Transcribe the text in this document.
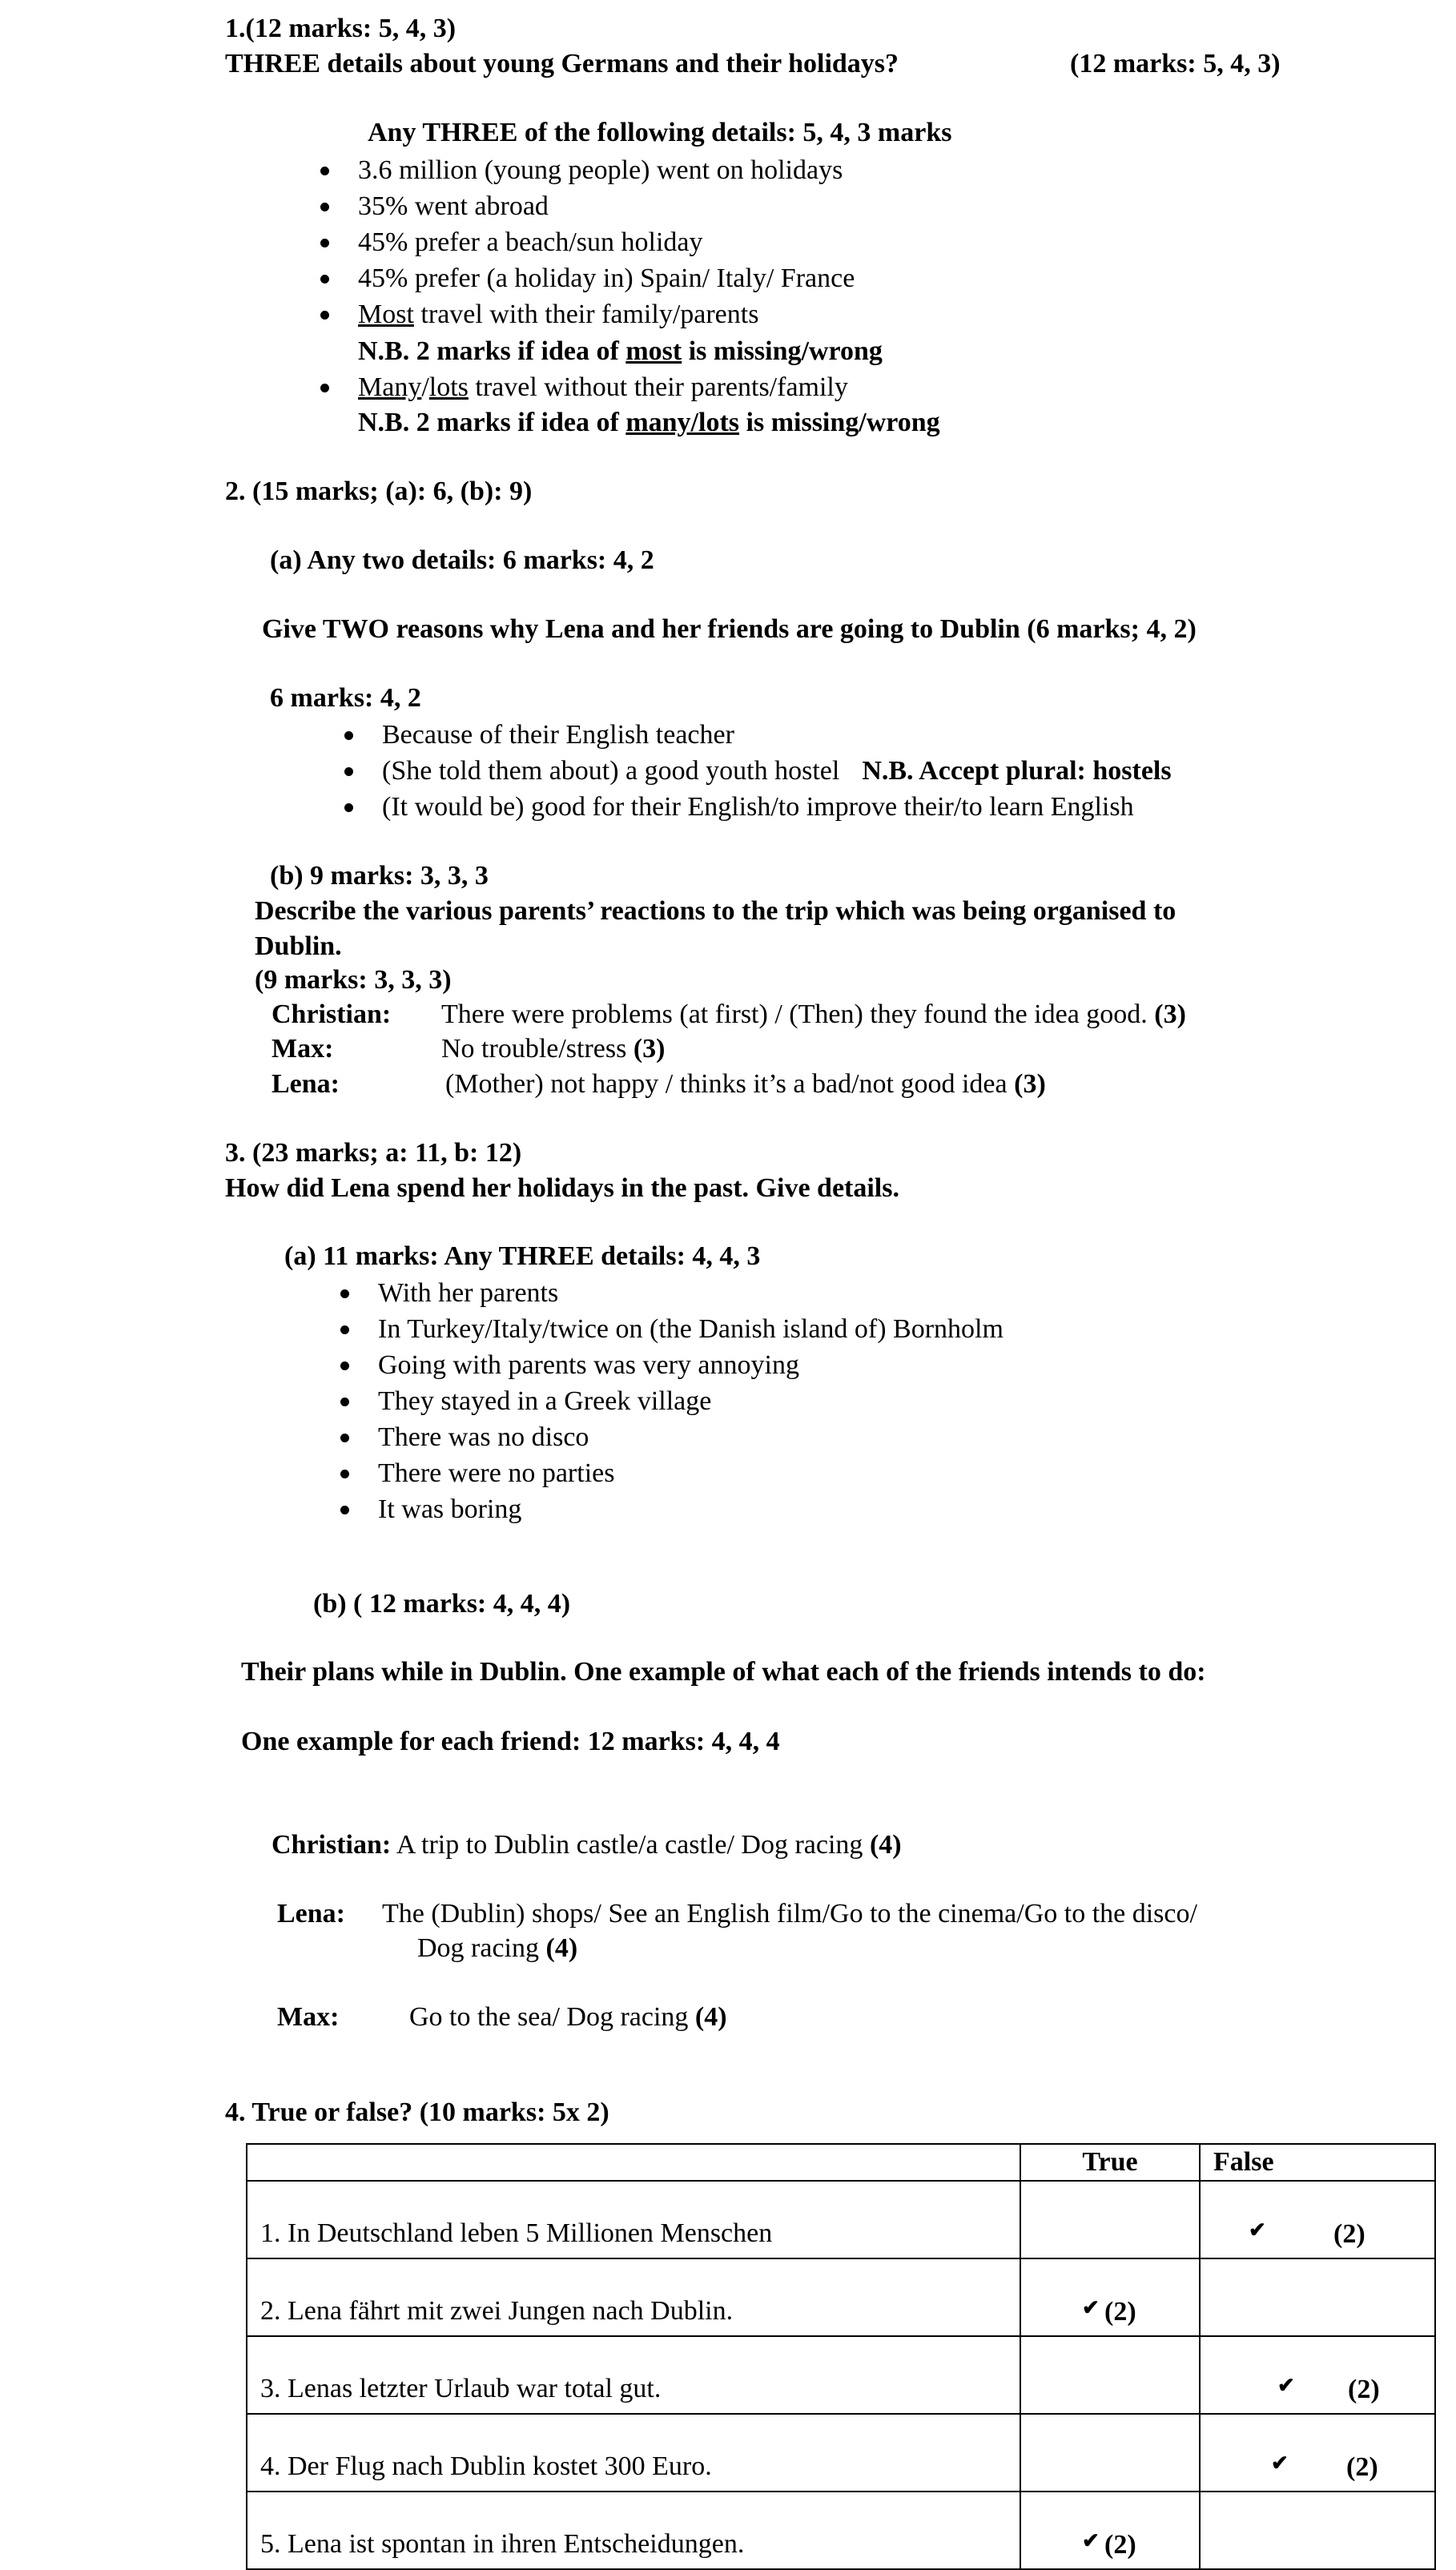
1.(12 marks: 5, 4, 3)
THREE details about young Germans and their holidays?	(12 marks: 5, 4, 3)
Any THREE of the following details: 5, 4, 3 marks
3.6 million (young people) went on holidays
35% went abroad
45% prefer a beach/sun holiday
45% prefer (a holiday in) Spain/ Italy/ France
Most travel with their family/parents
N.B. 2 marks if idea of most is missing/wrong
Many/lots travel without their parents/family
N.B. 2 marks if idea of many/lots is missing/wrong
2. (15 marks; (a): 6, (b): 9)
(a) Any two details: 6 marks: 4, 2
Give TWO reasons why Lena and her friends are going to Dublin (6 marks; 4, 2)
6 marks: 4, 2
Because of their English teacher
(She told them about) a good youth hostel N.B. Accept plural: hostels
(It would be) good for their English/to improve their/to learn English
(b) 9 marks: 3, 3, 3
Describe the various parents’ reactions to the trip which was being organised to
Dublin.
(9 marks: 3, 3, 3)
Christian: There were problems (at first) / (Then) they found the idea good. (3)
Max:	No trouble/stress (3)
Lena:	(Mother) not happy / thinks it’s a bad/not good idea (3)
3. (23 marks; a: 11, b: 12)
How did Lena spend her holidays in the past. Give details.
(a) 11 marks: Any THREE details: 4, 4, 3
With her parents
In Turkey/Italy/twice on (the Danish island of) Bornholm
Going with parents was very annoying
They stayed in a Greek village
There was no disco
There were no parties
It was boring
(b) ( 12 marks: 4, 4, 4)
Their plans while in Dublin. One example of what each of the friends intends to do:
One example for each friend: 12 marks: 4, 4, 4
Christian: A trip to Dublin castle/a castle/ Dog racing (4)
Lena: The (Dublin) shops/ See an English film/Go to the cinema/Go to the disco/
Dog racing (4)
Max:	Go to the sea/ Dog racing (4)
4. True or false? (10 marks: 5x 2)
	True	False
1. In Deutschland leben 5 Millionen Menschen		✔ (2)

2. Lena fährt mit zwei Jungen nach Dublin.	✔ (2)	

3. Lenas letzter Urlaub war total gut.		✔ (2)

4. Der Flug nach Dublin kostet 300 Euro.		✔ (2)

5. Lena ist spontan in ihren Entscheidungen.	✔ (2)	
